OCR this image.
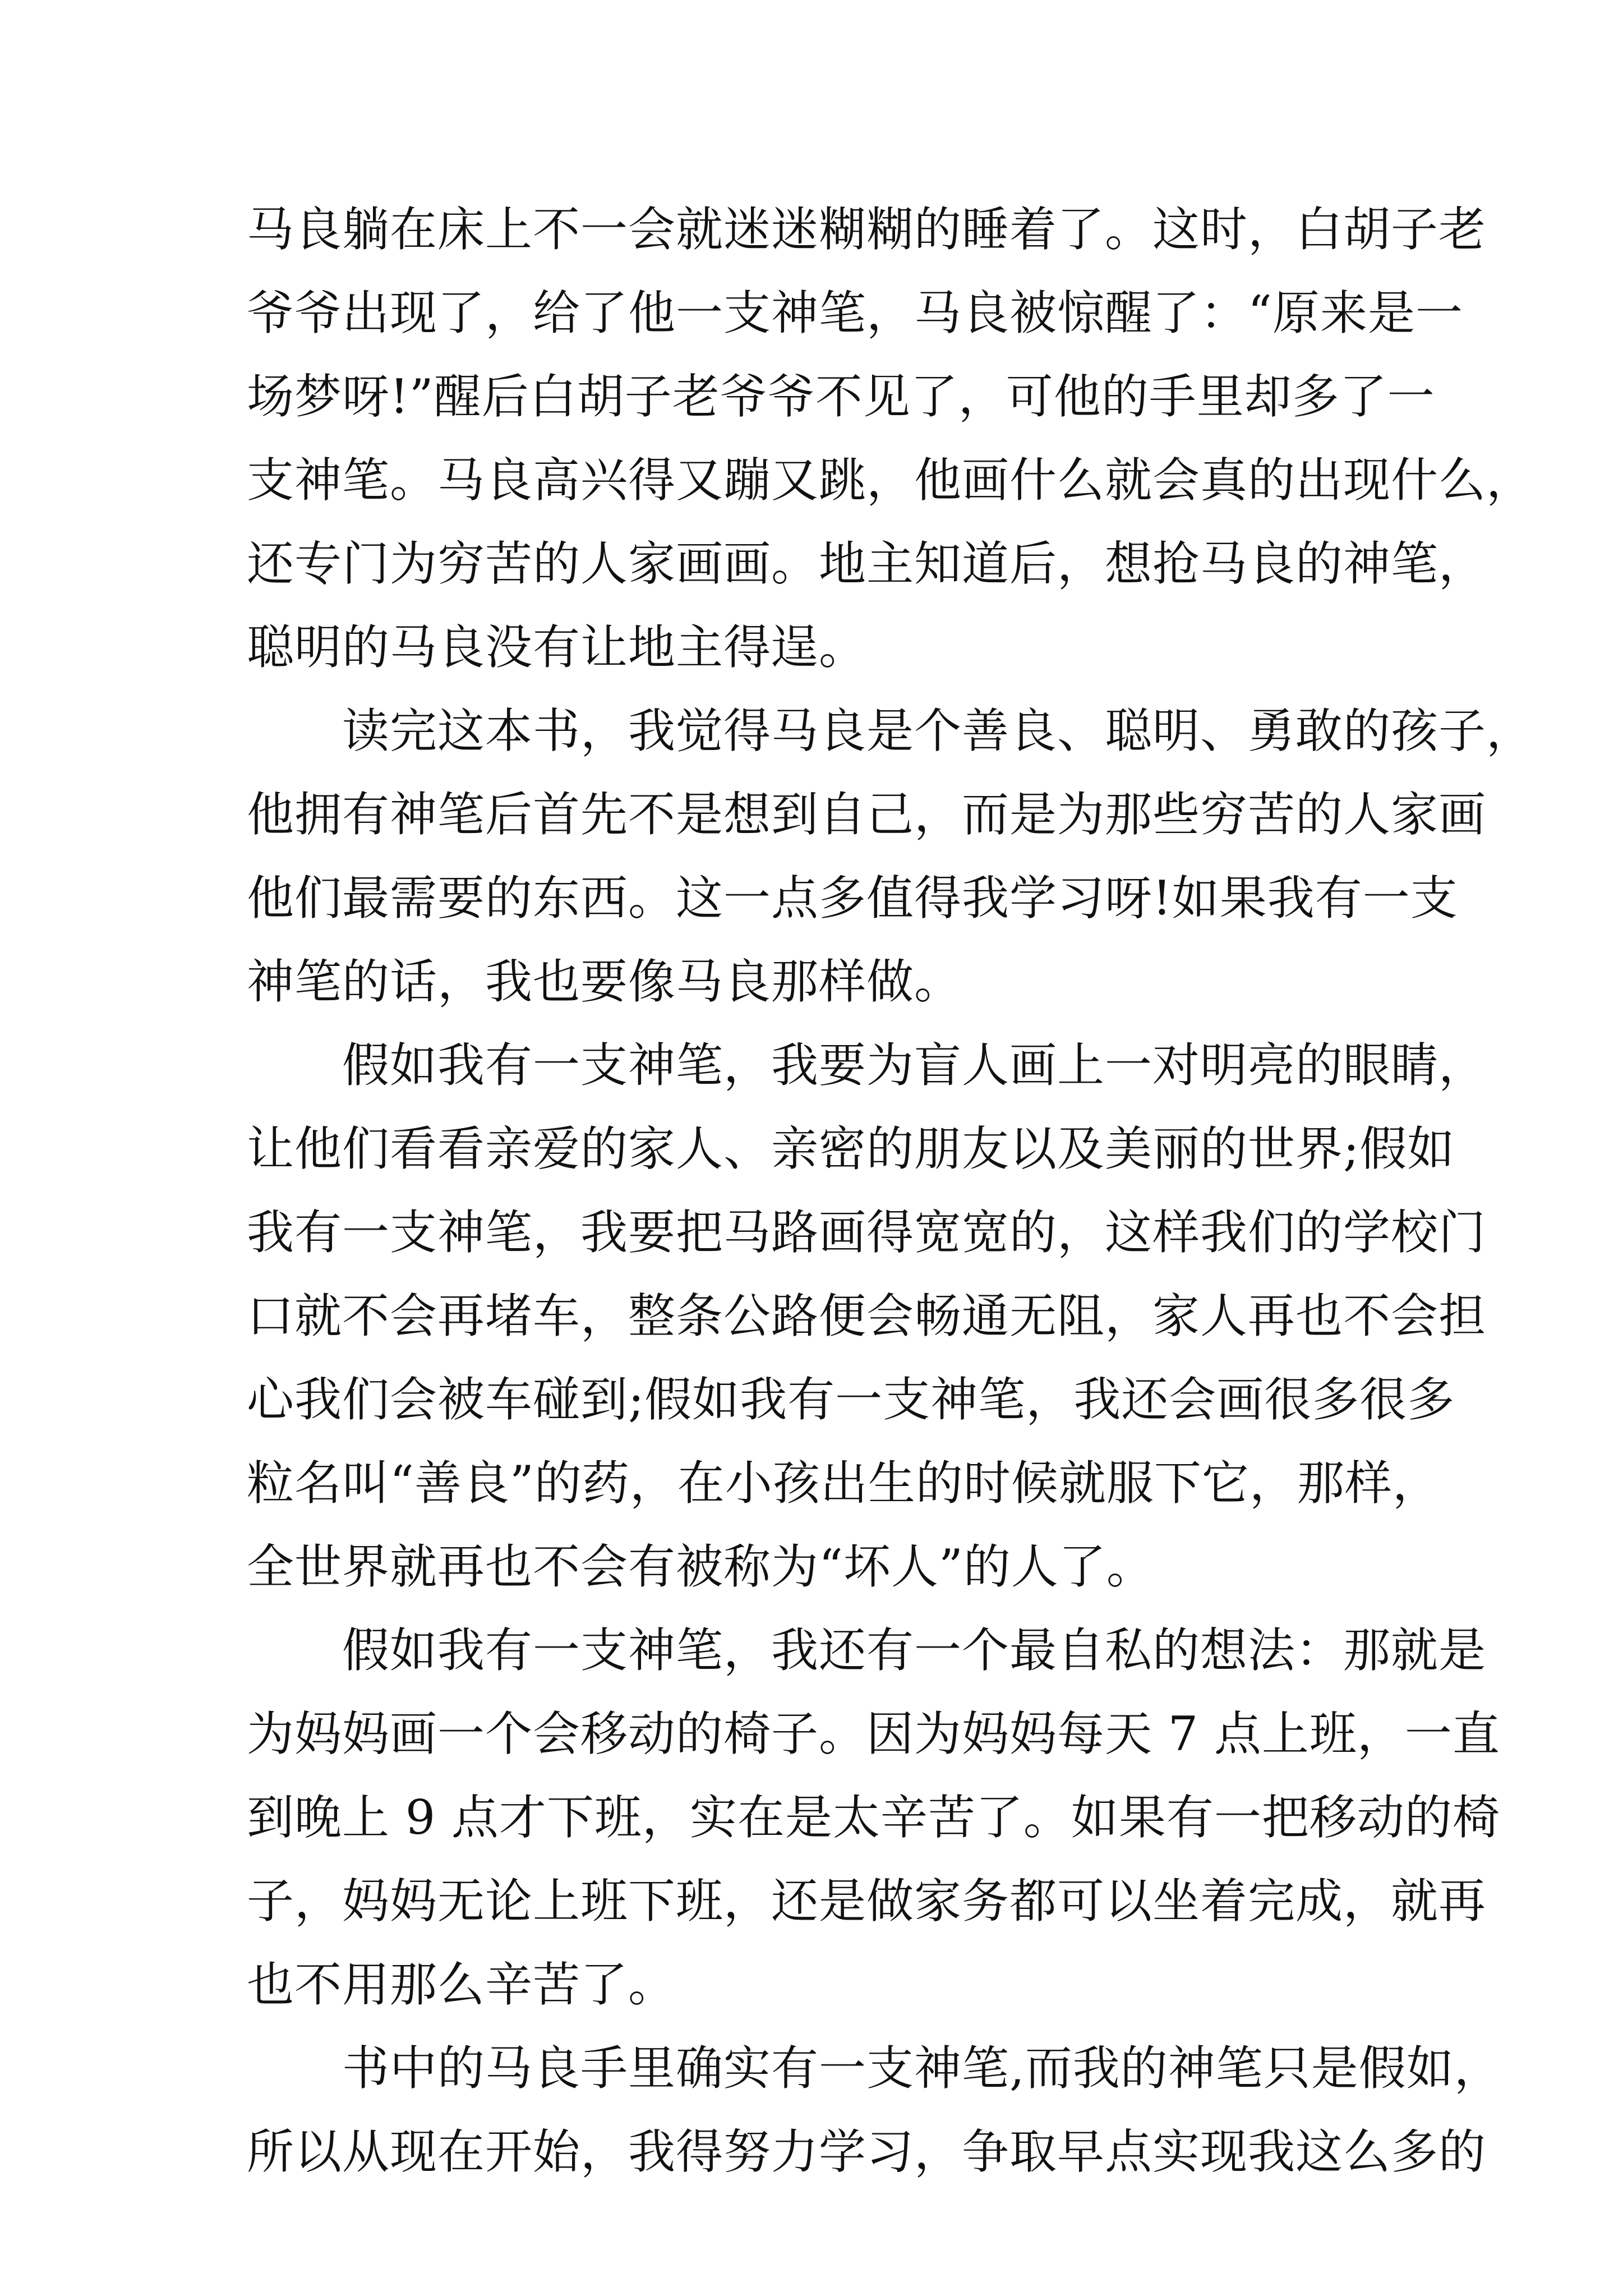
马良躺在床上不一会就迷迷糊糊的睡着了。这时，白胡子老
爷爷出现了，给了他一支神笔，马良被惊醒了：“原来是一
场梦呀!”醒后白胡子老爷爷不见了，可他的手里却多了一
支神笔。马良高兴得又蹦又跳，他画什么就会真的出现什么，
还专门为穷苦的人家画画。地主知道后，想抢马良的神笔，
聪明的马良没有让地主得逞。
　　读完这本书，我觉得马良是个善良、聪明、勇敢的孩子，
他拥有神笔后首先不是想到自己，而是为那些穷苦的人家画
他们最需要的东西。这一点多值得我学习呀!如果我有一支
神笔的话，我也要像马良那样做。
　　假如我有一支神笔，我要为盲人画上一对明亮的眼睛，
让他们看看亲爱的家人、亲密的朋友以及美丽的世界;假如
我有一支神笔，我要把马路画得宽宽的，这样我们的学校门
口就不会再堵车，整条公路便会畅通无阻，家人再也不会担
心我们会被车碰到;假如我有一支神笔，我还会画很多很多
粒名叫“善良”的药，在小孩出生的时候就服下它，那样，
全世界就再也不会有被称为“坏人”的人了。
　　假如我有一支神笔，我还有一个最自私的想法：那就是
为妈妈画一个会移动的椅子。因为妈妈每天 7 点上班，一直
到晚上 9 点才下班，实在是太辛苦了。如果有一把移动的椅
子，妈妈无论上班下班，还是做家务都可以坐着完成，就再
也不用那么辛苦了。
　　书中的马良手里确实有一支神笔,而我的神笔只是假如，
所以从现在开始，我得努力学习，争取早点实现我这么多的
